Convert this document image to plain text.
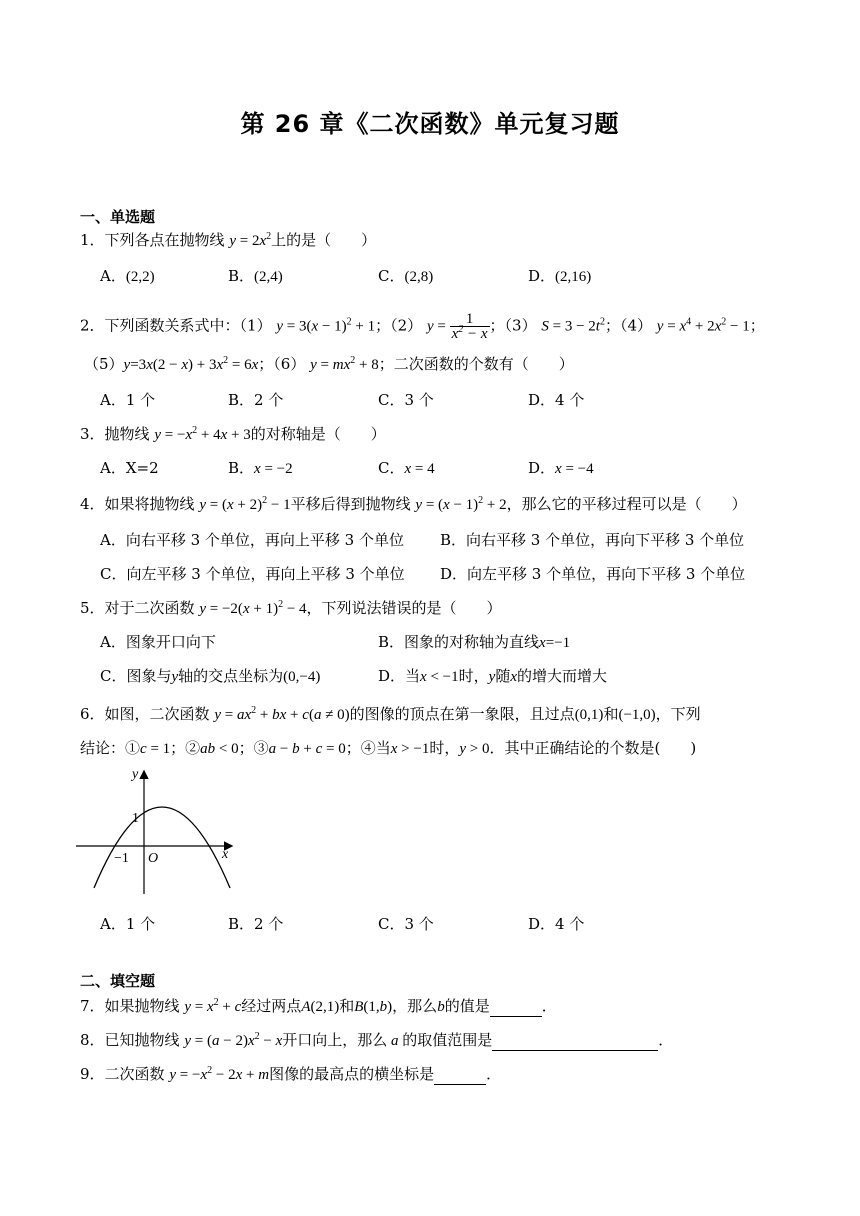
第 26 章《二次函数》单元复习题
一、单选题
1．下列各点在抛物线 $y = 2x^2$上的是（　　）
A．(2,2)	B．(2,4)	C．(2,8)	D．(2,16)
2．下列函数关系式中：（1） $y = 3(x - 1)^2 + 1$；（2） $y = \frac{1}{x^2 - x}$ ；（3） $S = 3 - 2t^2$；（4） $y = x^4 + 2x^2 - 1$；
$(5)y=3x(2 - x) + 3x^2 = 6x$；（6） $y = mx^2 + 8$；二次函数的个数有（　　）
A．1 个	B．2 个	C．3 个	D．4 个
3．抛物线 $y = -x^2 + 4x + 3$的对称轴是（　　）
A．X=2	B．x = −2	C．x = 4	D．x = −4
4．如果将抛物线 $y = (x + 2)^2 - 1$平移后得到抛物线 $y = (x - 1)^2 + 2$，那么它的平移过程可以是（　　）
A．向右平移 3 个单位，再向上平移 3 个单位 B．向右平移 3 个单位，再向下平移 3 个单位
C．向左平移 3 个单位，再向上平移 3 个单位 D．向左平移 3 个单位，再向下平移 3 个单位
5．对于二次函数 $y = -2(x + 1)^2 - 4$，下列说法错误的是（　　）
A．图象开口向下	B．图象的对称轴为直线x=−1
C．图象与y轴的交点坐标为(0,−4)	D．当x < −1时，y随x的增大而增大
6．如图，二次函数 $y = ax^2$ + bx + c(a ≠ 0)的图像的顶点在第一象限，且过点(0,1)和(−1,0)，下列
结论：①c = 1；②ab < 0；③a − b + c = 0；④当x > −1时，y > 0．其中正确结论的个数是(　　)
y
x
1
−1 O
A．1 个	B．2 个	C．3 个	D．4 个
二、填空题
7．如果抛物线 $y = x^2 + c$经过两点A(2,1)和B(1,b)，那么b的值是	．
8．已知抛物线 $y = (a - 2)x^2 - x$开口向上，那么 a 的取值范围是	．
9．二次函数 $y = -x^2 - 2x + m$图像的最高点的横坐标是	．
